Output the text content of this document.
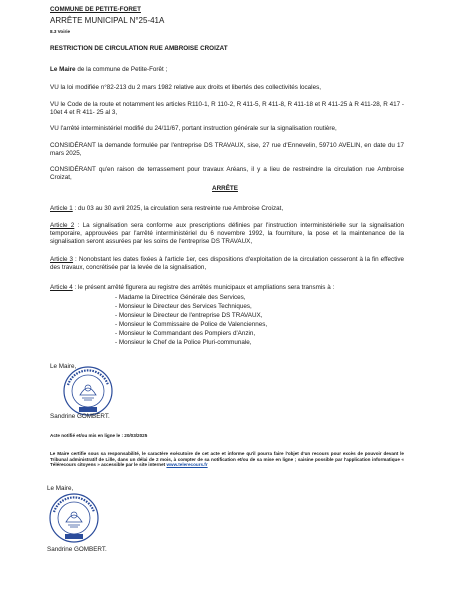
COMMUNE DE PETITE-FORET
ARRÊTE MUNICIPAL N°25-41A
8.3 Voirie
RESTRICTION DE CIRCULATION RUE AMBROISE CROIZAT
Le Maire de la commune de Petite-Forêt ;
VU la loi modifiée n°82-213 du 2 mars 1982 relative aux droits et libertés des collectivités locales,
VU le Code de la route et notamment les articles R110-1, R 110-2, R 411-5, R 411-8, R 411-18 et R 411-25 à R 411-28, R 417 - 10et 4 et R 411- 25 al 3,
VU l'arrêté interministériel modifié du 24/11/67, portant instruction générale sur la signalisation routière,
CONSIDÉRANT la demande formulée par l'entreprise DS TRAVAUX, sise, 27 rue d'Ennevelin, 59710 AVELIN, en date du 17 mars 2025,
CONSIDÉRANT qu'en raison de terrassement pour travaux Aréans, il y a lieu de restreindre la circulation rue Ambroise Croizat,
ARRÊTE
Article 1 : du 03 au 30 avril 2025, la circulation sera restreinte rue Ambroise Croizat,
Article 2 : La signalisation sera conforme aux prescriptions définies par l'instruction interministérielle sur la signalisation temporaire, approuvées par l'arrêté interministériel du 6 novembre 1992, la fourniture, la pose et la maintenance de la signalisation seront assurées par les soins de l'entreprise DS TRAVAUX,
Article 3 : Nonobstant les dates fixées à l'article 1er, ces dispositions d'exploitation de la circulation cesseront à la fin effective des travaux, concrétisée par la levée de la signalisation,
Article 4 : le présent arrêté figurera au registre des arrêtés municipaux et ampliations sera transmis à :
- Madame la Directrice Générale des Services,
- Monsieur le Directeur des Services Techniques,
- Monsieur le Directeur de l'entreprise DS TRAVAUX,
- Monsieur le Commissaire de Police de Valenciennes,
- Monsieur le Commandant des Pompiers d'Anzin,
- Monsieur le Chef de la Police Pluri-communale,
Le Maire,
Sandrine GOMBERT.
Acte notifié et/ou mis en ligne le : 20/03/2025
Le Maire certifie sous sa responsabilité, le caractère exécutoire de cet acte et informe qu'il pourra faire l'objet d'un recours pour excès de pouvoir devant le Tribunal administratif de Lille, dans un délai de 2 mois, à compter de sa notification et/ou de sa mise en ligne ; saisine possible par l'application informatique « Télérecours citoyens » accessible par le site internet www.telerecours.fr
Le Maire,
Sandrine GOMBERT.
